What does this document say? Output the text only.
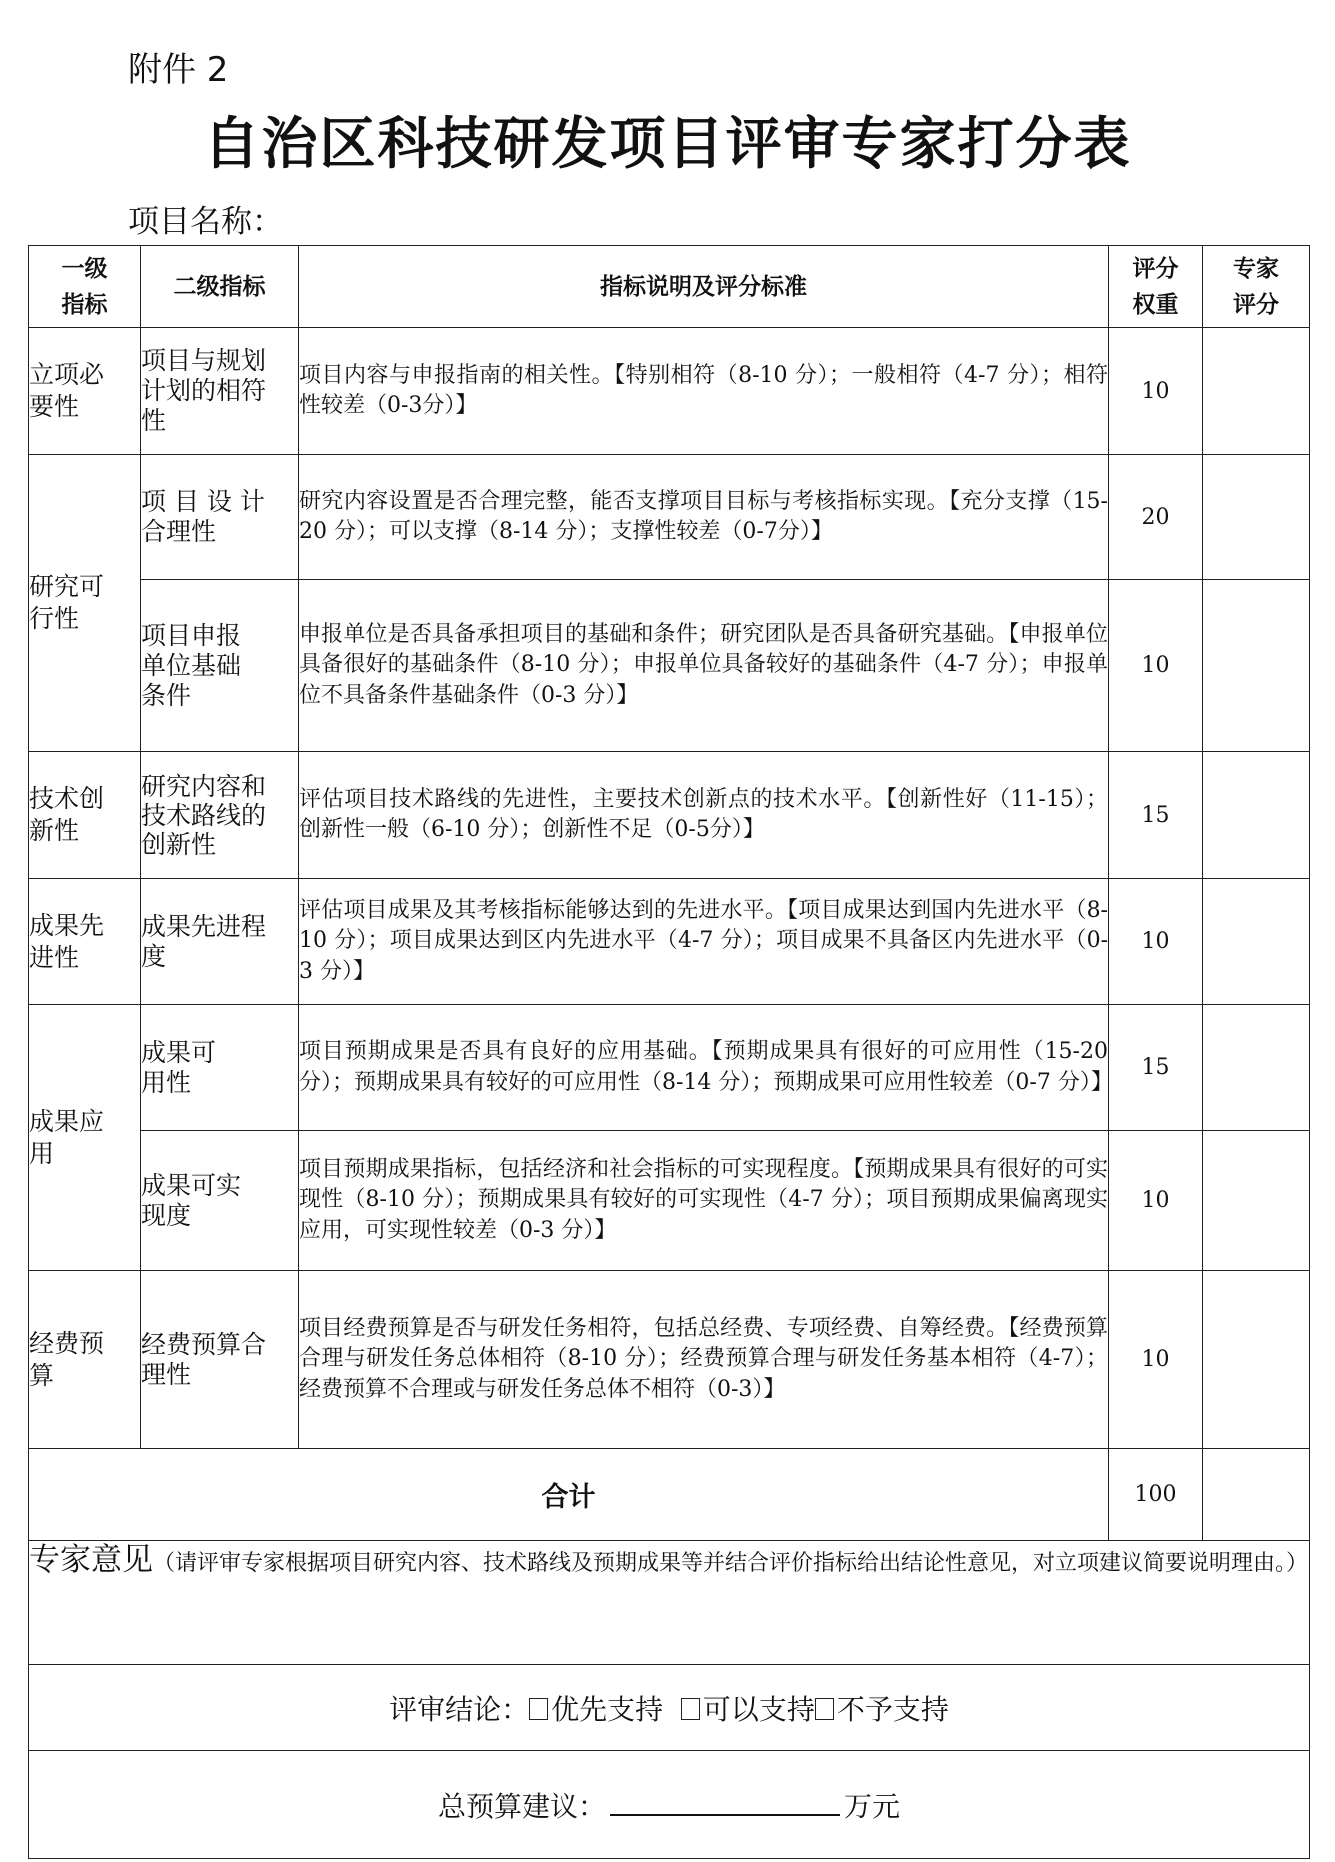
附件 2
自治区科技研发项目评审专家打分表
项目名称：
一级指标	二级指标	指标说明及评分标准	评分权重	专家评分
立项必要性	项目与规划计划的相符性	项目内容与申报指南的相关性。【特别相符（8-10 分）；一般相符（4-7 分）；相符性较差（0-3分）】	10	
研究可行性	项 目 设 计合理性	研究内容设置是否合理完整，能否支撑项目目标与考核指标实现。【充分支撑（15-20 分）；可以支撑（8-14 分）；支撑性较差（0-7分）】	20	
	项目申报单位基础条件	申报单位是否具备承担项目的基础和条件；研究团队是否具备研究基础。【申报单位具备很好的基础条件（8-10 分）；申报单位具备较好的基础条件（4-7 分）；申报单位不具备条件基础条件（0-3 分）】	10	
技术创新性	研究内容和技术路线的创新性	评估项目技术路线的先进性，主要技术创新点的技术水平。【创新性好（11-15）；创新性一般（6-10 分）；创新性不足（0-5分）】	15	
成果先进性	成果先进程度	评估项目成果及其考核指标能够达到的先进水平。【项目成果达到国内先进水平（8-10 分）；项目成果达到区内先进水平（4-7 分）；项目成果不具备区内先进水平（0-3 分）】	10	
成果应用	成果可用性	项目预期成果是否具有良好的应用基础。【预期成果具有很好的可应用性（15-20 分）；预期成果具有较好的可应用性（8-14 分）；预期成果可应用性较差（0-7 分）】	15	
	成果可实现度	项目预期成果指标，包括经济和社会指标的可实现程度。【预期成果具有很好的可实现性（8-10 分）；预期成果具有较好的可实现性（4-7 分）；项目预期成果偏离现实应用，可实现性较差（0-3 分）】	10	
经费预算	经费预算合理性	项目经费预算是否与研发任务相符，包括总经费、专项经费、自筹经费。【经费预算合理与研发任务总体相符（8-10 分）；经费预算合理与研发任务基本相符（4-7）；经费预算不合理或与研发任务总体不相符（0-3）】	10	
合计			100	
专家意见（请评审专家根据项目研究内容、技术路线及预期成果等并结合评价指标给出结论性意见，对立项建议简要说明理由。）				
评审结论： 优先支持 可以支持 不予支持				
总预算建议： 万元				
